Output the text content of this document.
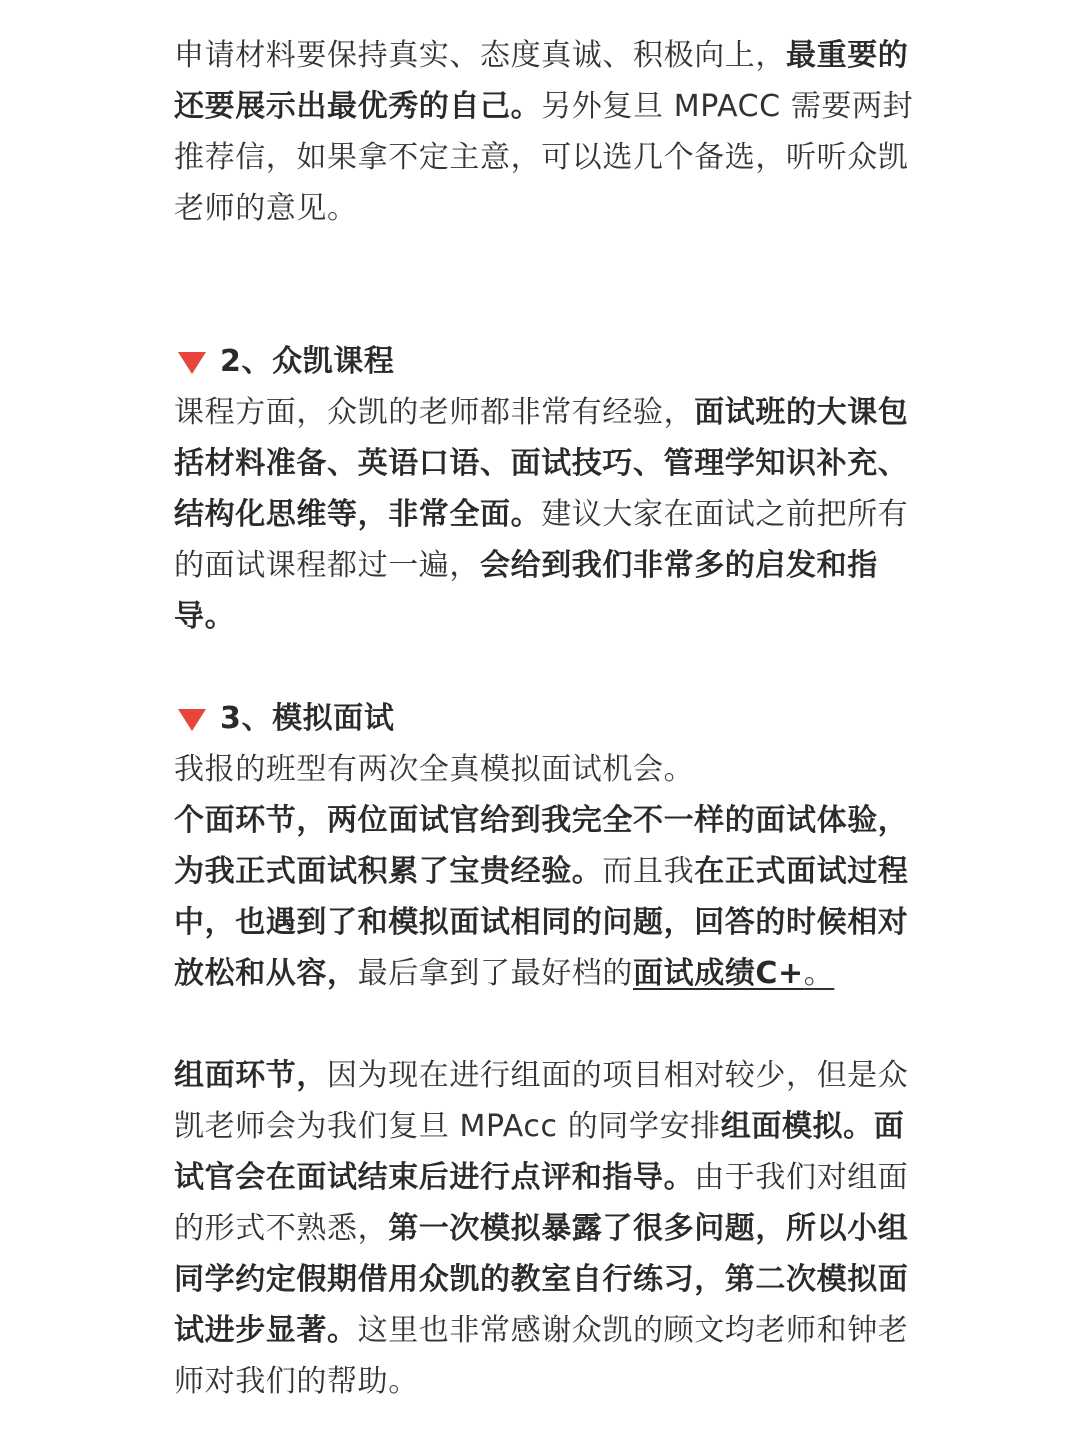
申请材料要保持真实、态度真诚、积极向上，最重要的还要展示出最优秀的自己。另外复旦 MPACC 需要两封推荐信，如果拿不定主意，可以选几个备选，听听众凯老师的意见。
2、众凯课程
课程方面，众凯的老师都非常有经验，面试班的大课包括材料准备、英语口语、面试技巧、管理学知识补充、结构化思维等，非常全面。建议大家在面试之前把所有的面试课程都过一遍，会给到我们非常多的启发和指导。
3、模拟面试

我报的班型有两次全真模拟面试机会。

个面环节，两位面试官给到我完全不一样的面试体验，为我正式面试积累了宝贵经验。而且我在正式面试过程中，也遇到了和模拟面试相同的问题，回答的时候相对放松和从容，最后拿到了最好档的面试成绩C+。

组面环节，因为现在进行组面的项目相对较少，但是众凯老师会为我们复旦 MPAcc 的同学安排组面模拟。面试官会在面试结束后进行点评和指导。由于我们对组面的形式不熟悉，第一次模拟暴露了很多问题，所以小组同学约定假期借用众凯的教室自行练习，第二次模拟面试进步显著。这里也非常感谢众凯的顾文均老师和钟老师对我们的帮助。
